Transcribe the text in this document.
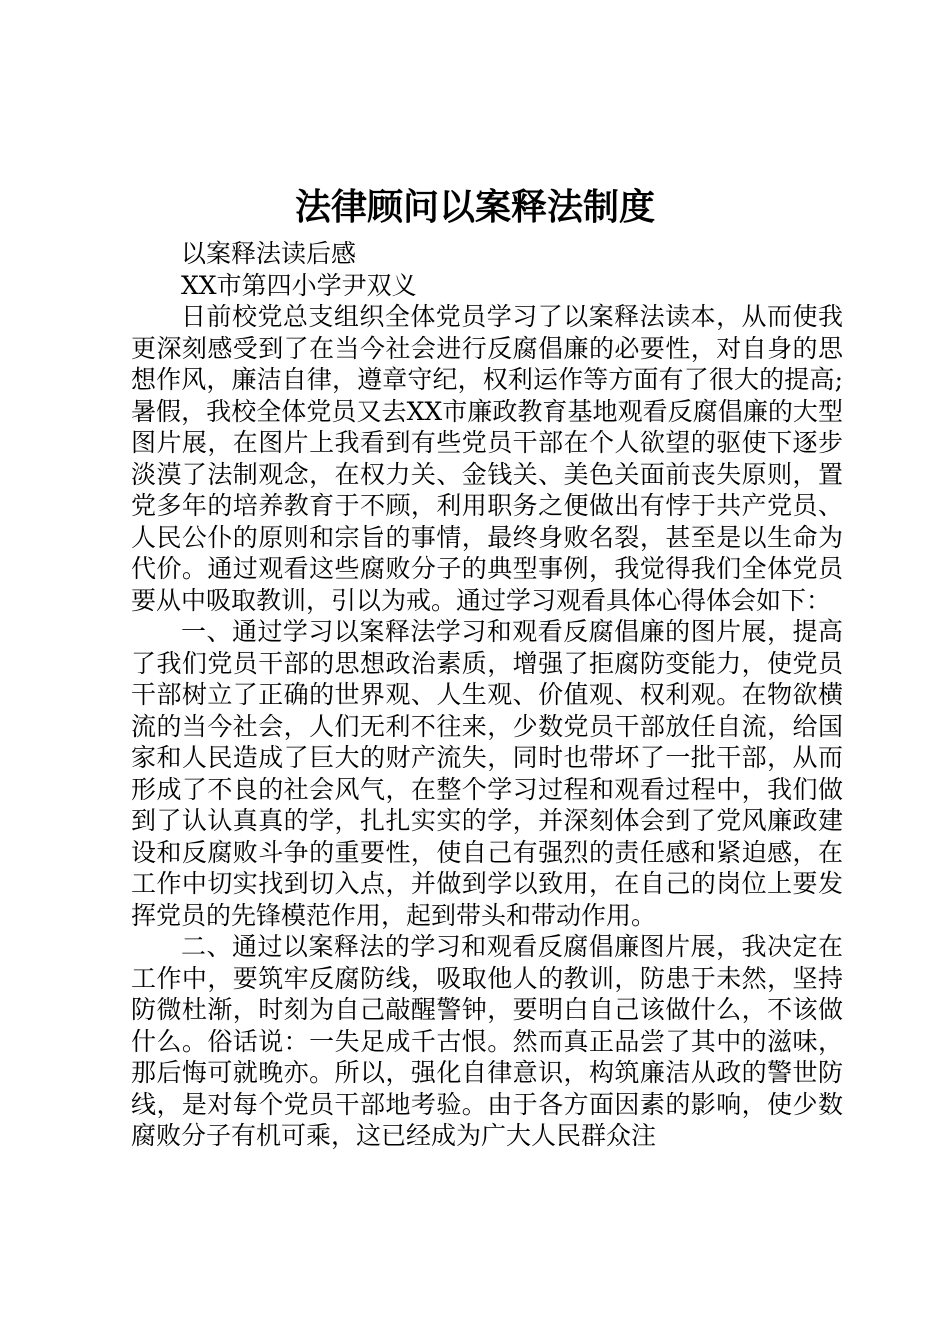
法律顾问以案释法制度

以案释法读后感

XX市第四小学尹双义

日前校党总支组织全体党员学习了以案释法读本，从而使我更深刻感受到了在当今社会进行反腐倡廉的必要性，对自身的思想作风，廉洁自律，遵章守纪，权利运作等方面有了很大的提高;暑假，我校全体党员又去XX市廉政教育基地观看反腐倡廉的大型图片展，在图片上我看到有些党员干部在个人欲望的驱使下逐步淡漠了法制观念，在权力关、金钱关、美色关面前丧失原则，置党多年的培养教育于不顾，利用职务之便做出有悖于共产党员、人民公仆的原则和宗旨的事情，最终身败名裂，甚至是以生命为代价。通过观看这些腐败分子的典型事例，我觉得我们全体党员要从中吸取教训，引以为戒。通过学习观看具体心得体会如下：

一、通过学习以案释法学习和观看反腐倡廉的图片展，提高了我们党员干部的思想政治素质，增强了拒腐防变能力，使党员干部树立了正确的世界观、人生观、价值观、权利观。在物欲横流的当今社会，人们无利不往来，少数党员干部放任自流，给国家和人民造成了巨大的财产流失，同时也带坏了一批干部，从而形成了不良的社会风气，在整个学习过程和观看过程中，我们做到了认认真真的学，扎扎实实的学，并深刻体会到了党风廉政建设和反腐败斗争的重要性，使自己有强烈的责任感和紧迫感，在工作中切实找到切入点，并做到学以致用，在自己的岗位上要发挥党员的先锋模范作用，起到带头和带动作用。

二、通过以案释法的学习和观看反腐倡廉图片展，我决定在工作中，要筑牢反腐防线，吸取他人的教训，防患于未然，坚持防微杜渐，时刻为自己敲醒警钟，要明白自己该做什么，不该做什么。俗话说：一失足成千古恨。然而真正品尝了其中的滋味，那后悔可就晚亦。所以，强化自律意识，构筑廉洁从政的警世防线，是对每个党员干部地考验。由于各方面因素的影响，使少数腐败分子有机可乘，这已经成为广大人民群众注
